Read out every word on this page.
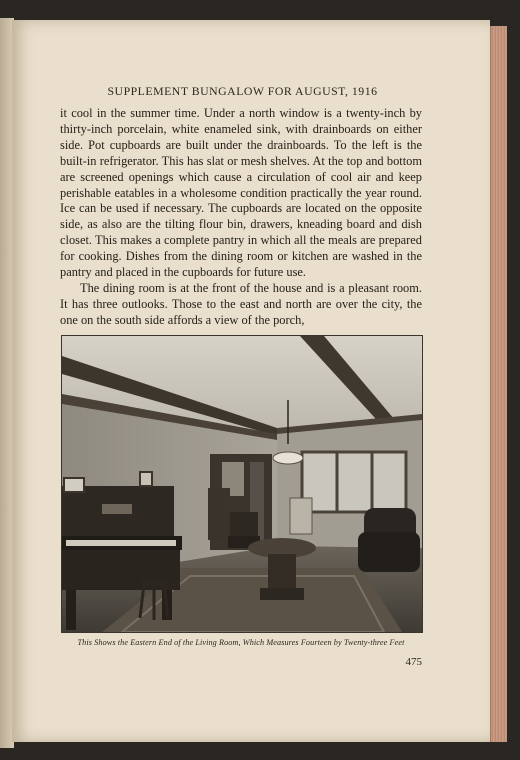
SUPPLEMENT BUNGALOW FOR AUGUST, 1916

it cool in the summer time. Under a north window is a twenty-inch by thirty-inch porcelain, white enameled sink, with drainboards on either side. Pot cupboards are built under the drainboards. To the left is the built-in refrigerator. This has slat or mesh shelves. At the top and bottom are screened openings which cause a circulation of cool air and keep perishable eatables in a wholesome condition practically the year round. Ice can be used if necessary. The cupboards are located on the opposite side, as also are the tilting flour bin, drawers, kneading board and dish closet. This makes a complete pantry in which all the meals are prepared for cooking. Dishes from the dining room or kitchen are washed in the pantry and placed in the cupboards for future use.

The dining room is at the front of the house and is a pleasant room. It has three outlooks. Those to the east and north are over the city, the one on the south side affords a view of the porch,

This Shows the Eastern End of the Living Room, Which Measures Fourteen by Twenty-three Feet
475
